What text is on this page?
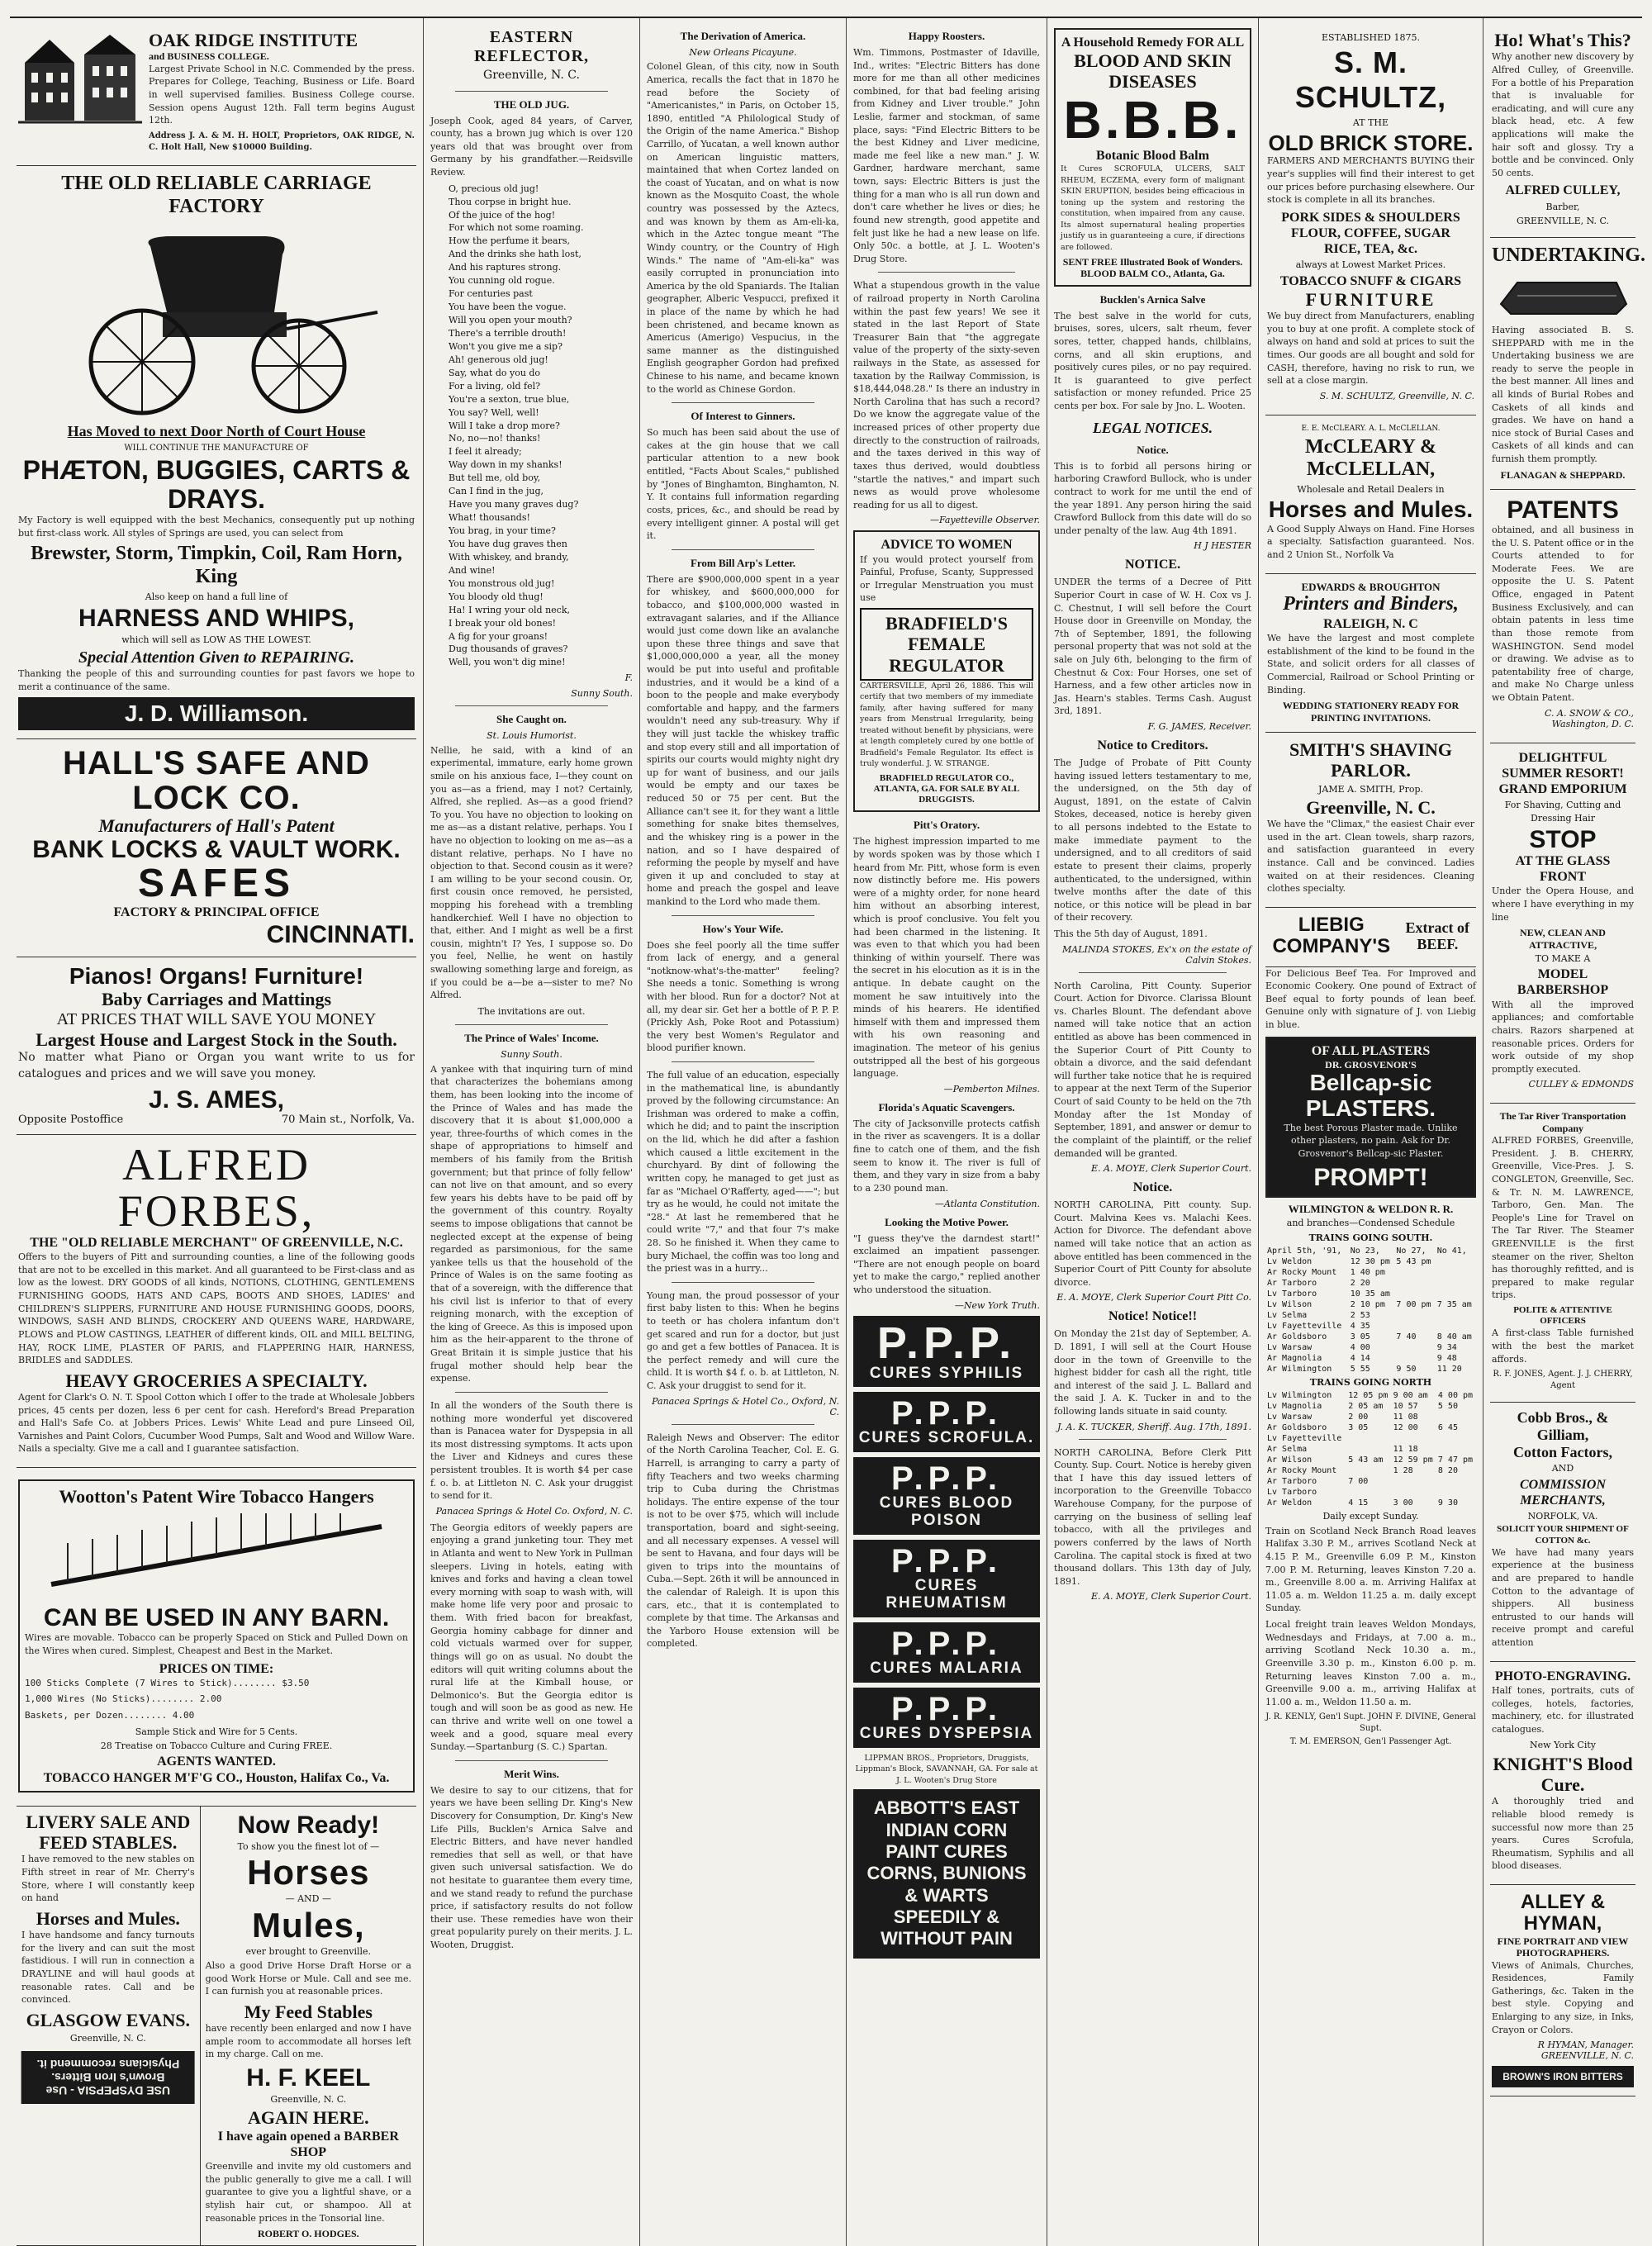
OAK RIDGE INSTITUTE
and BUSINESS COLLEGE.

Largest Private School in N.C. Commended by the press. Prepares for College, Teaching, Business or Life. Board in well supervised families. Business College course. Session opens August 12th. Fall term begins August 12th.

Address J. A. & M. H. HOLT, Proprietors, OAK RIDGE, N. C. Holt Hall, New $10000 Building.

THE OLD RELIABLE CARRIAGE FACTORY
Has Moved to next Door North of Court House
WILL CONTINUE THE MANUFACTURE OF
PHÆTON, BUGGIES, CARTS & DRAYS.

My Factory is well equipped with the best Mechanics, consequently put up nothing but first-class work. All styles of Springs are used, you can select from

Brewster, Storm, Timpkin, Coil, Ram Horn, King
Also keep on hand a full line of
HARNESS AND WHIPS,
which will sell as LOW AS THE LOWEST.
Special Attention Given to REPAIRING.

Thanking the people of this and surrounding counties for past favors we hope to merit a continuance of the same.

J. D. Williamson.
HALL'S SAFE AND LOCK CO.
Manufacturers of Hall's Patent
BANK LOCKS & VAULT WORK.
SAFES
FACTORY & PRINCIPAL OFFICE
CINCINNATI.
Pianos! Organs! Furniture!
Baby Carriages and Mattings
AT PRICES THAT WILL SAVE YOU MONEY
Largest House and Largest Stock in the South.

No matter what Piano or Organ you want write to us for catalogues and prices and we will save you money.

J. S. AMES,
Opposite Postoffice	70 Main st., Norfolk, Va.
ALFRED FORBES,
THE "OLD RELIABLE MERCHANT" OF GREENVILLE, N.C.

Offers to the buyers of Pitt and surrounding counties, a line of the following goods that are not to be excelled in this market. And all guaranteed to be First-class and as low as the lowest. DRY GOODS of all kinds, NOTIONS, CLOTHING, GENTLEMENS FURNISHING GOODS, HATS AND CAPS, BOOTS AND SHOES, LADIES' and CHILDREN'S SLIPPERS, FURNITURE AND HOUSE FURNISHING GOODS, DOORS, WINDOWS, SASH AND BLINDS, CROCKERY AND QUEENS WARE, HARDWARE, PLOWS and PLOW CASTINGS, LEATHER of different kinds, OIL and MILL BELTING, HAY, ROCK LIME, PLASTER OF PARIS, and FLAPPERING HAIR, HARNESS, BRIDLES and SADDLES.

HEAVY GROCERIES A SPECIALTY.

Agent for Clark's O. N. T. Spool Cotton which I offer to the trade at Wholesale Jobbers prices, 45 cents per dozen, less 6 per cent for cash. Hereford's Bread Preparation and Hall's Safe Co. at Jobbers Prices. Lewis' White Lead and pure Linseed Oil, Varnishes and Paint Colors, Cucumber Wood Pumps, Salt and Wood and Willow Ware. Nails a specialty. Give me a call and I guarantee satisfaction.

Wootton's Patent Wire Tobacco Hangers
CAN BE USED IN ANY BARN.

Wires are movable. Tobacco can be properly Spaced on Stick and Pulled Down on the Wires when cured. Simplest, Cheapest and Best in the Market.

PRICES ON TIME:
100 Sticks Complete (7 Wires to Stick)........ $3.50
1,000 Wires (No Sticks)........ 2.00
Baskets, per Dozen........ 4.00
Sample Stick and Wire for 5 Cents.
28 Treatise on Tobacco Culture and Curing FREE.
AGENTS WANTED.
TOBACCO HANGER M'F'G CO., Houston, Halifax Co., Va.
LIVERY SALE AND FEED STABLES.

I have removed to the new stables on Fifth street in rear of Mr. Cherry's Store, where I will constantly keep on hand

Horses and Mules.

I have handsome and fancy turnouts for the livery and can suit the most fastidious. I will run in connection a DRAYLINE and will haul goods at reasonable rates. Call and be convinced.

GLASGOW EVANS.
Greenville, N. C.
USE DYSPEPSIA - Use Brown's Iron Bitters. Physicians recommend it.
Now Ready!
To show you the finest lot of —
Horses
— AND —
Mules,
ever brought to Greenville.

Also a good Drive Horse Draft Horse or a good Work Horse or Mule. Call and see me. I can furnish you at reasonable prices.

My Feed Stables

have recently been enlarged and now I have ample room to accommodate all horses left in my charge. Call on me.

H. F. KEEL
Greenville, N. C.
AGAIN HERE.
I have again opened a BARBER SHOP

Greenville and invite my old customers and the public generally to give me a call. I will guarantee to give you a lightful shave, or a stylish hair cut, or shampoo. All at reasonable prices in the Tonsorial line.

ROBERT O. HODGES.
EASTERN REFLECTOR,
Greenville, N. C.
THE OLD JUG.

Joseph Cook, aged 84 years, of Carver, county, has a brown jug which is over 120 years old that was brought over from Germany by his grandfather.—Reidsville Review.

O, precious old jug!
Thou corpse in bright hue.
Of the juice of the hog!
For which not some roaming.
How the perfume it bears,
And the drinks she hath lost,
And his raptures strong.
You cunning old rogue.
For centuries past
You have been the vogue.
Will you open your mouth?
There's a terrible drouth!
Won't you give me a sip?
Ah! generous old jug!
Say, what do you do
For a living, old fel?
You're a sexton, true blue,
You say? Well, well!
Will I take a drop more?
No, no—no! thanks!
I feel it already;
Way down in my shanks!
But tell me, old boy,
Can I find in the jug,
Have you many graves dug?
What! thousands!
You brag, in your time?
You have dug graves then
With whiskey, and brandy,
And wine!
You monstrous old jug!
You bloody old thug!
Ha! I wring your old neck,
I break your old bones!
A fig for your groans!
Dug thousands of graves?
Well, you won't dig mine!
F.
Sunny South.
She Caught on.
St. Louis Humorist.

Nellie, he said, with a kind of an experimental, immature, early home grown smile on his anxious face, I—they count on you as—as a friend, may I not? Certainly, Alfred, she replied. As—as a good friend? To you. You have no objection to looking on me as—as a distant relative, perhaps. You I have no objection to looking on me as—as a distant relative, perhaps. No I have no objection to that. Second cousin as it were? I am willing to be your second cousin. Or, first cousin once removed, he persisted, mopping his forehead with a trembling handkerchief. Well I have no objection to that, either. And I might as well be a first cousin, mightn't I? Yes, I suppose so. Do you feel, Nellie, he went on hastily swallowing something large and foreign, as if you could be a—be a—sister to me? No Alfred.

The invitations are out.
The Prince of Wales' Income.
Sunny South.

A yankee with that inquiring turn of mind that characterizes the bohemians among them, has been looking into the income of the Prince of Wales and has made the discovery that it is about $1,000,000 a year, three-fourths of which comes in the shape of appropriations to himself and members of his family from the British government; but that prince of folly fellow' can not live on that amount, and so every few years his debts have to be paid off by the government of this country. Royalty seems to impose obligations that cannot be neglected except at the expense of being regarded as parsimonious, for the same yankee tells us that the household of the Prince of Wales is on the same footing as that of a sovereign, with the difference that his civil list is inferior to that of every reigning monarch, with the exception of the king of Greece. As this is imposed upon him as the heir-apparent to the throne of Great Britain it is simple justice that his frugal mother should help bear the expense.

In all the wonders of the South there is nothing more wonderful yet discovered than is Panacea water for Dyspepsia in all its most distressing symptoms. It acts upon the Liver and Kidneys and cures these persistent troubles. It is worth $4 per case f. o. b. at Littleton N. C. Ask your druggist to send for it.

Panacea Springs & Hotel Co. Oxford, N. C.

The Georgia editors of weekly papers are enjoying a grand junketing tour. They met in Atlanta and went to New York in Pullman sleepers. Living in hotels, eating with knives and forks and having a clean towel every morning with soap to wash with, will make home life very poor and prosaic to them. With fried bacon for breakfast, Georgia hominy cabbage for dinner and cold victuals warmed over for supper, things will go on as usual. No doubt the editors will quit writing columns about the rural life at the Kimball house, or Delmonico's. But the Georgia editor is tough and will soon be as good as new. He can thrive and write well on one towel a week and a good, square meal every Sunday.—Spartanburg (S. C.) Spartan.

Merit Wins.

We desire to say to our citizens, that for years we have been selling Dr. King's New Discovery for Consumption, Dr. King's New Life Pills, Bucklen's Arnica Salve and Electric Bitters, and have never handled remedies that sell as well, or that have given such universal satisfaction. We do not hesitate to guarantee them every time, and we stand ready to refund the purchase price, if satisfactory results do not follow their use. These remedies have won their great popularity purely on their merits. J. L. Wooten, Druggist.

The Derivation of America.
New Orleans Picayune.

Colonel Glean, of this city, now in South America, recalls the fact that in 1870 he read before the Society of "Americanistes," in Paris, on October 15, 1890, entitled "A Philological Study of the Origin of the name America." Bishop Carrillo, of Yucatan, a well known author on American linguistic matters, maintained that when Cortez landed on the coast of Yucatan, and on what is now known as the Mosquito Coast, the whole country was possessed by the Aztecs, and was known by them as Am-eli-ka, which in the Aztec tongue meant "The Windy country, or the Country of High Winds." The name of "Am-eli-ka" was easily corrupted in pronunciation into America by the old Spaniards. The Italian geographer, Alberic Vespucci, prefixed it in place of the name by which he had been christened, and became known as Americus (Amerigo) Vespucius, in the same manner as the distinguished English geographer Gordon had prefixed Chinese to his name, and became known to the world as Chinese Gordon.

Of Interest to Ginners.

So much has been said about the use of cakes at the gin house that we call particular attention to a new book entitled, "Facts About Scales," published by "Jones of Binghamton, Binghamton, N. Y. It contains full information regarding costs, prices, &c., and should be read by every intelligent ginner. A postal will get it.

From Bill Arp's Letter.

There are $900,000,000 spent in a year for whiskey, and $600,000,000 for tobacco, and $100,000,000 wasted in extravagant salaries, and if the Alliance would just come down like an avalanche upon these three things and save that $1,000,000,000 a year, all the money would be put into useful and profitable industries, and it would be a kind of a boon to the people and make everybody comfortable and happy, and the farmers wouldn't need any sub-treasury. Why if they will just tackle the whiskey traffic and stop every still and all importation of spirits our courts would mighty night dry up for want of business, and our jails would be empty and our taxes be reduced 50 or 75 per cent. But the Alliance can't see it, for they want a little something for snake bites themselves, and the whiskey ring is a power in the nation, and so I have despaired of reforming the people by myself and have given it up and concluded to stay at home and preach the gospel and leave mankind to the Lord who made them.

How's Your Wife.

Does she feel poorly all the time suffer from lack of energy, and a general "notknow-what's-the-matter" feeling? She needs a tonic. Something is wrong with her blood. Run for a doctor? Not at all, my dear sir. Get her a bottle of P. P. P. (Prickly Ash, Poke Root and Potassium) the very best Women's Regulator and blood purifier known.

The full value of an education, especially in the mathematical line, is abundantly proved by the following circumstance: An Irishman was ordered to make a coffin, which he did; and to paint the inscription on the lid, which he did after a fashion which caused a little excitement in the churchyard. By dint of following the written copy, he managed to get just as far as "Michael O'Rafferty, aged——"; but try as he would, he could not imitate the "28." At last he remembered that he could write "7," and that four 7's make 28. So he finished it. When they came to bury Michael, the coffin was too long and the priest was in a hurry...

Young man, the proud possessor of your first baby listen to this: When he begins to teeth or has cholera infantum don't get scared and run for a doctor, but just go and get a few bottles of Panacea. It is the perfect remedy and will cure the child. It is worth $4 f. o. b. at Littleton, N. C. Ask your druggist to send for it.

Panacea Springs & Hotel Co., Oxford, N. C.

Raleigh News and Observer: The editor of the North Carolina Teacher, Col. E. G. Harrell, is arranging to carry a party of fifty Teachers and two weeks charming trip to Cuba during the Christmas holidays. The entire expense of the tour is not to be over $75, which will include transportation, board and sight-seeing, and all necessary expenses. A vessel will be sent to Havana, and four days will be given to trips into the mountains of Cuba.—Sept. 26th it will be announced in the calendar of Raleigh. It is upon this cars, etc., that it is contemplated to complete by that time. The Arkansas and the Yarboro House extension will be completed.

Happy Roosters.

Wm. Timmons, Postmaster of Idaville, Ind., writes: "Electric Bitters has done more for me than all other medicines combined, for that bad feeling arising from Kidney and Liver trouble." John Leslie, farmer and stockman, of same place, says: "Find Electric Bitters to be the best Kidney and Liver medicine, made me feel like a new man." J. W. Gardner, hardware merchant, same town, says: Electric Bitters is just the thing for a man who is all run down and don't care whether he lives or dies; he found new strength, good appetite and felt just like he had a new lease on life. Only 50c. a bottle, at J. L. Wooten's Drug Store.

What a stupendous growth in the value of railroad property in North Carolina within the past few years! We see it stated in the last Report of State Treasurer Bain that "the aggregate value of the property of the sixty-seven railways in the State, as assessed for taxation by the Railway Commission, is $18,444,048.28." Is there an industry in North Carolina that has such a record? Do we know the aggregate value of the increased prices of other property due directly to the construction of railroads, and the taxes derived in this way of taxes thus derived, would doubtless "startle the natives," and impart such news as would prove wholesome reading for us all to digest.

—Fayetteville Observer.
ADVICE TO WOMEN

If you would protect yourself from Painful, Profuse, Scanty, Suppressed or Irregular Menstruation you must use

BRADFIELD'S FEMALE REGULATOR

CARTERSVILLE, April 26, 1886. This will certify that two members of my immediate family, after having suffered for many years from Menstrual Irregularity, being treated without benefit by physicians, were at length completely cured by one bottle of Bradfield's Female Regulator. Its effect is truly wonderful. J. W. STRANGE.

BRADFIELD REGULATOR CO., ATLANTA, GA. FOR SALE BY ALL DRUGGISTS.
Pitt's Oratory.

The highest impression imparted to me by words spoken was by those which I heard from Mr. Pitt, whose form is even now distinctly before me. His powers were of a mighty order, for none heard him without an absorbing interest, which is proof conclusive. You felt you had been charmed in the listening. It was even to that which you had been thinking of within yourself. There was the secret in his elocution as it is in the antique. In debate caught on the moment he saw intuitively into the minds of his hearers. He identified himself with them and impressed them with his own reasoning and imagination. The meteor of his genius outstripped all the best of his gorgeous language.

—Pemberton Milnes.
Florida's Aquatic Scavengers.

The city of Jacksonville protects catfish in the river as scavengers. It is a dollar fine to catch one of them, and the fish seem to know it. The river is full of them, and they vary in size from a baby to a 230 pound man.

—Atlanta Constitution.
Looking the Motive Power.

"I guess they've the darndest start!" exclaimed an impatient passenger. "There are not enough people on board yet to make the cargo," replied another who understood the situation.

—New York Truth.
P.P.P.
CURES SYPHILIS
P.P.P.
CURES SCROFULA.
P.P.P.
CURES BLOOD POISON
P.P.P.
CURES RHEUMATISM
P.P.P.
CURES MALARIA
P.P.P.
CURES DYSPEPSIA

LIPPMAN BROS., Proprietors, Druggists, Lippman's Block, SAVANNAH, GA. For sale at J. L. Wooten's Drug Store

ABBOTT'S EAST INDIAN CORN PAINT CURES CORNS, BUNIONS & WARTS SPEEDILY & WITHOUT PAIN
A Household Remedy FOR ALL
BLOOD AND SKIN DISEASES
B.B.B.
Botanic Blood Balm

It Cures SCROFULA, ULCERS, SALT RHEUM, ECZEMA, every form of malignant SKIN ERUPTION, besides being efficacious in toning up the system and restoring the constitution, when impaired from any cause. Its almost supernatural healing properties justify us in guaranteeing a cure, if directions are followed.

SENT FREE Illustrated Book of Wonders. BLOOD BALM CO., Atlanta, Ga.
Bucklen's Arnica Salve

The best salve in the world for cuts, bruises, sores, ulcers, salt rheum, fever sores, tetter, chapped hands, chilblains, corns, and all skin eruptions, and positively cures piles, or no pay required. It is guaranteed to give perfect satisfaction or money refunded. Price 25 cents per box. For sale by Jno. L. Wooten.

LEGAL NOTICES.
Notice.

This is to forbid all persons hiring or harboring Crawford Bullock, who is under contract to work for me until the end of the year 1891. Any person hiring the said Crawford Bullock from this date will do so under penalty of the law. Aug 4th 1891.

H J HESTER
NOTICE.

UNDER the terms of a Decree of Pitt Superior Court in case of W. H. Cox vs J. C. Chestnut, I will sell before the Court House door in Greenville on Monday, the 7th of September, 1891, the following personal property that was not sold at the sale on July 6th, belonging to the firm of Chestnut & Cox: Four Horses, one set of Harness, and a few other articles now in Jas. Hearn's stables. Terms Cash. August 3rd, 1891.

F. G. JAMES, Receiver.
Notice to Creditors.

The Judge of Probate of Pitt County having issued letters testamentary to me, the undersigned, on the 5th day of August, 1891, on the estate of Calvin Stokes, deceased, notice is hereby given to all persons indebted to the Estate to make immediate payment to the undersigned, and to all creditors of said estate to present their claims, properly authenticated, to the undersigned, within twelve months after the date of this notice, or this notice will be plead in bar of their recovery.

This the 5th day of August, 1891.

MALINDA STOKES, Ex'x on the estate of Calvin Stokes.

North Carolina, Pitt County. Superior Court. Action for Divorce. Clarissa Blount vs. Charles Blount. The defendant above named will take notice that an action entitled as above has been commenced in the Superior Court of Pitt County to obtain a divorce, and the said defendant will further take notice that he is required to appear at the next Term of the Superior Court of said County to be held on the 7th Monday after the 1st Monday of September, 1891, and answer or demur to the complaint of the plaintiff, or the relief demanded will be granted.

E. A. MOYE, Clerk Superior Court.
Notice.

NORTH CAROLINA, Pitt county. Sup. Court. Malvina Kees vs. Malachi Kees. Action for Divorce. The defendant above named will take notice that an action as above entitled has been commenced in the Superior Court of Pitt County for absolute divorce.

E. A. MOYE, Clerk Superior Court Pitt Co.
Notice! Notice!!

On Monday the 21st day of September, A. D. 1891, I will sell at the Court House door in the town of Greenville to the highest bidder for cash all the right, title and interest of the said J. L. Ballard and the said J. A. K. Tucker in and to the following lands situate in said county.

J. A. K. TUCKER, Sheriff. Aug. 17th, 1891.

NORTH CAROLINA, Before Clerk Pitt County. Sup. Court. Notice is hereby given that I have this day issued letters of incorporation to the Greenville Tobacco Warehouse Company, for the purpose of carrying on the business of selling leaf tobacco, with all the privileges and powers conferred by the laws of North Carolina. The capital stock is fixed at two thousand dollars. This 13th day of July, 1891.

E. A. MOYE, Clerk Superior Court.
ESTABLISHED 1875.
S. M. SCHULTZ,
AT THE
OLD BRICK STORE.

FARMERS AND MERCHANTS BUYING their year's supplies will find their interest to get our prices before purchasing elsewhere. Our stock is complete in all its branches.

PORK SIDES & SHOULDERS
FLOUR, COFFEE, SUGAR
RICE, TEA, &c.
always at Lowest Market Prices.
TOBACCO SNUFF & CIGARS
FURNITURE

We buy direct from Manufacturers, enabling you to buy at one profit. A complete stock of always on hand and sold at prices to suit the times. Our goods are all bought and sold for CASH, therefore, having no risk to run, we sell at a close margin.

S. M. SCHULTZ, Greenville, N. C.
E. E. McCLEARY. A. L. McCLELLAN.
McCLEARY & McCLELLAN,
Wholesale and Retail Dealers in
Horses and Mules.

A Good Supply Always on Hand. Fine Horses a specialty. Satisfaction guaranteed. Nos. and 2 Union St., Norfolk Va

EDWARDS & BROUGHTON
Printers and Binders,
RALEIGH, N. C

We have the largest and most complete establishment of the kind to be found in the State, and solicit orders for all classes of Commercial, Railroad or School Printing or Binding.

WEDDING STATIONERY READY FOR PRINTING INVITATIONS.
SMITH'S SHAVING PARLOR.
JAME A. SMITH, Prop.
Greenville, N. C.

We have the "Climax," the easiest Chair ever used in the art. Clean towels, sharp razors, and satisfaction guaranteed in every instance. Call and be convinced. Ladies waited on at their residences. Cleaning clothes specialty.

LIEBIG COMPANY'S
Extract of BEEF.

For Delicious Beef Tea. For Improved and Economic Cookery. One pound of Extract of Beef equal to forty pounds of lean beef. Genuine only with signature of J. von Liebig in blue.

OF ALL PLASTERS
DR. GROSVENOR'S
Bellcap-sic PLASTERS.

The best Porous Plaster made. Unlike other plasters, no pain. Ask for Dr. Grosvenor's Bellcap-sic Plaster.

PROMPT!
WILMINGTON & WELDON R. R.
and branches—Condensed Schedule
TRAINS GOING SOUTH.
April 5th, '91,	No 23,	No 27,	No 41,
Lv Weldon	12 30 pm	5 43 pm	
Ar Rocky Mount	1 40 pm		
Ar Tarboro	2 20		
Lv Tarboro	10 35 am		
Lv Wilson	2 10 pm	7 00 pm	7 35 am
Lv Selma	2 53		
Lv Fayetteville	4 35		
Ar Goldsboro	3 05	7 40	8 40 am
Lv Warsaw	4 00		9 34
Ar Magnolia	4 14		9 48
Ar Wilmington	5 55	9 50	11 20
TRAINS GOING NORTH
Lv Wilmington	12 05 pm	9 00 am	4 00 pm
Lv Magnolia	2 05 am	10 57	5 50
Lv Warsaw	2 00	11 08	
Ar Goldsboro	3 05	12 00	6 45
Lv Fayetteville			
Ar Selma		11 18	
Ar Wilson	5 43 am	12 59 pm	7 47 pm
Ar Rocky Mount		1 28	8 20
Ar Tarboro	7 00		
Lv Tarboro			
Ar Weldon	4 15	3 00	9 30
Daily except Sunday.

Train on Scotland Neck Branch Road leaves Halifax 3.30 P. M., arrives Scotland Neck at 4.15 P. M., Greenville 6.09 P. M., Kinston 7.00 P. M. Returning, leaves Kinston 7.20 a. m., Greenville 8.00 a. m. Arriving Halifax at 11.05 a. m. Weldon 11.25 a. m. daily except Sunday.

Local freight train leaves Weldon Mondays, Wednesdays and Fridays, at 7.00 a. m., arriving Scotland Neck 10.30 a. m., Greenville 3.30 p. m., Kinston 6.00 p. m. Returning leaves Kinston 7.00 a. m., Greenville 9.00 a. m., arriving Halifax at 11.00 a. m., Weldon 11.50 a. m.

J. R. KENLY, Gen'l Supt. JOHN F. DIVINE, General Supt.
T. M. EMERSON, Gen'l Passenger Agt.
Ho! What's This?

Why another new discovery by Alfred Culley, of Greenville. For a bottle of his Preparation that is invaluable for eradicating, and will cure any black head, etc. A few applications will make the hair soft and glossy. Try a bottle and be convinced. Only 50 cents.

ALFRED CULLEY,
Barber,
GREENVILLE, N. C.
UNDERTAKING.

Having associated B. S. SHEPPARD with me in the Undertaking business we are ready to serve the people in the best manner. All lines and all kinds of Burial Robes and Caskets of all kinds and grades. We have on hand a nice stock of Burial Cases and Caskets of all kinds and can furnish them promptly.

FLANAGAN & SHEPPARD.
PATENTS

obtained, and all business in the U. S. Patent office or in the Courts attended to for Moderate Fees. We are opposite the U. S. Patent Office, engaged in Patent Business Exclusively, and can obtain patents in less time than those remote from WASHINGTON. Send model or drawing. We advise as to patentability free of charge, and make No Charge unless we Obtain Patent.

C. A. SNOW & CO., Washington, D. C.
DELIGHTFUL SUMMER RESORT!
GRAND EMPORIUM
For Shaving, Cutting and Dressing Hair
STOP
AT THE GLASS FRONT

Under the Opera House, and where I have everything in my line

NEW, CLEAN AND ATTRACTIVE,
TO MAKE A
MODEL BARBERSHOP

With all the improved appliances; and comfortable chairs. Razors sharpened at reasonable prices. Orders for work outside of my shop promptly executed.

CULLEY & EDMONDS
The Tar River Transportation Company

ALFRED FORBES, Greenville, President. J. B. CHERRY, Greenville, Vice-Pres. J. S. CONGLETON, Greenville, Sec. & Tr. N. M. LAWRENCE, Tarboro, Gen. Man. The People's Line for Travel on The Tar River. The Steamer GREENVILLE is the first steamer on the river, Shelton has thoroughly refitted, and is prepared to make regular trips.

POLITE & ATTENTIVE OFFICERS

A first-class Table furnished with the best the market affords.

R. F. JONES, Agent. J. J. CHERRY, Agent
Cobb Bros., & Gilliam,
Cotton Factors,
AND
COMMISSION MERCHANTS,
NORFOLK, VA.
SOLICIT YOUR SHIPMENT OF COTTON &c.

We have had many years experience at the business and are prepared to handle Cotton to the advantage of shippers. All business entrusted to our hands will receive prompt and careful attention

PHOTO-ENGRAVING.

Half tones, portraits, cuts of colleges, hotels, factories, machinery, etc. for illustrated catalogues.

New York City
KNIGHT'S Blood Cure.

A thoroughly tried and reliable blood remedy is successful now more than 25 years. Cures Scrofula, Rheumatism, Syphilis and all blood diseases.

ALLEY & HYMAN,
FINE PORTRAIT AND VIEW PHOTOGRAPHERS.

Views of Animals, Churches, Residences, Family Gatherings, &c. Taken in the best style. Copying and Enlarging to any size, in Inks, Crayon or Colors.

R HYMAN, Manager. GREENVILLE, N. C.
BROWN'S IRON BITTERS
